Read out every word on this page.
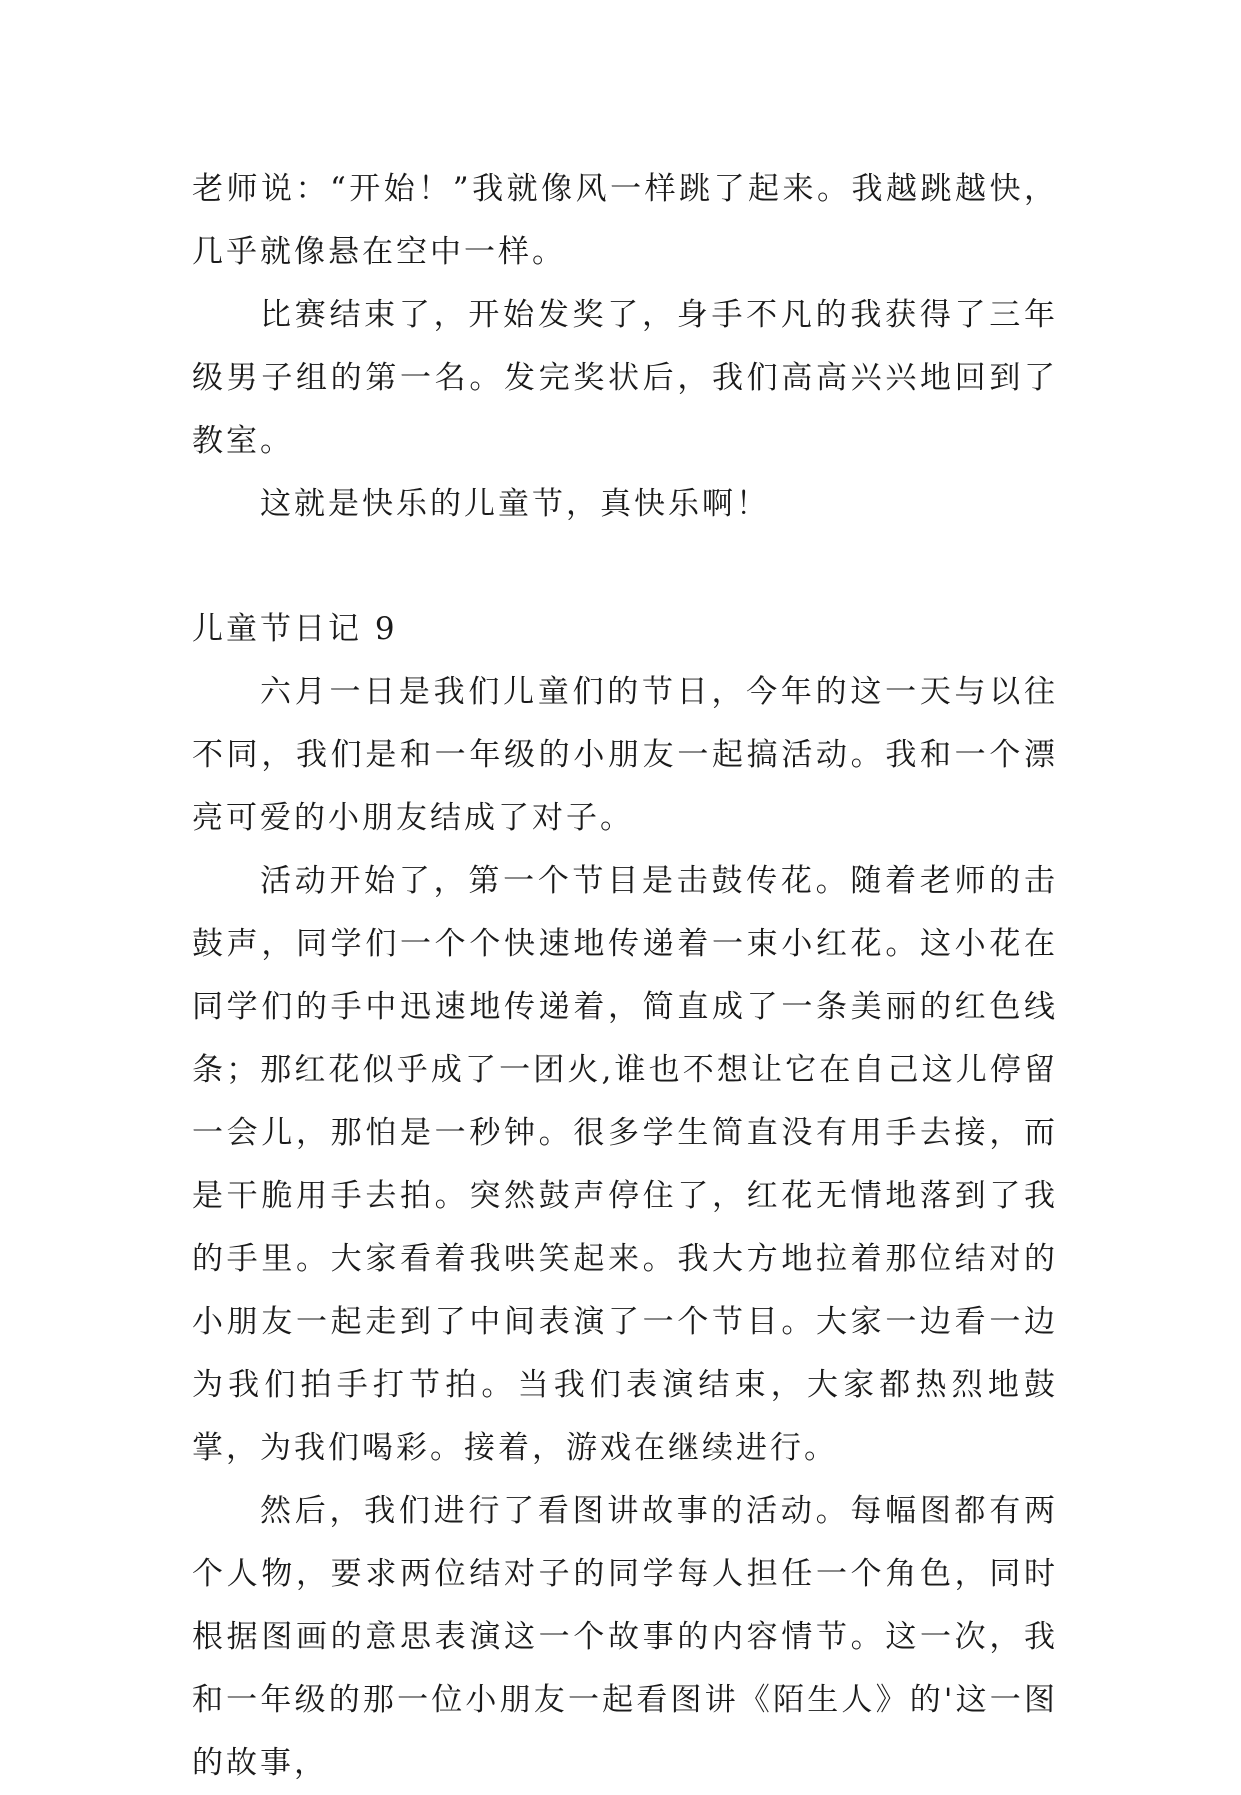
老师说：“开始！”我就像风一样跳了起来。我越跳越快，几乎就像悬在空中一样。

比赛结束了，开始发奖了，身手不凡的我获得了三年级男子组的第一名。发完奖状后，我们高高兴兴地回到了教室。

这就是快乐的儿童节，真快乐啊！

儿童节日记 9

六月一日是我们儿童们的节日，今年的这一天与以往不同，我们是和一年级的小朋友一起搞活动。我和一个漂亮可爱的小朋友结成了对子。

活动开始了，第一个节目是击鼓传花。随着老师的击鼓声，同学们一个个快速地传递着一束小红花。这小花在同学们的手中迅速地传递着，简直成了一条美丽的红色线条；那红花似乎成了一团火,谁也不想让它在自己这儿停留一会儿，那怕是一秒钟。很多学生简直没有用手去接，而是干脆用手去拍。突然鼓声停住了，红花无情地落到了我的手里。大家看着我哄笑起来。我大方地拉着那位结对的小朋友一起走到了中间表演了一个节目。大家一边看一边为我们拍手打节拍。当我们表演结束，大家都热烈地鼓掌，为我们喝彩。接着，游戏在继续进行。

然后，我们进行了看图讲故事的活动。每幅图都有两个人物，要求两位结对子的同学每人担任一个角色，同时根据图画的意思表演这一个故事的内容情节。这一次，我和一年级的那一位小朋友一起看图讲《陌生人》的'这一图的故事，
